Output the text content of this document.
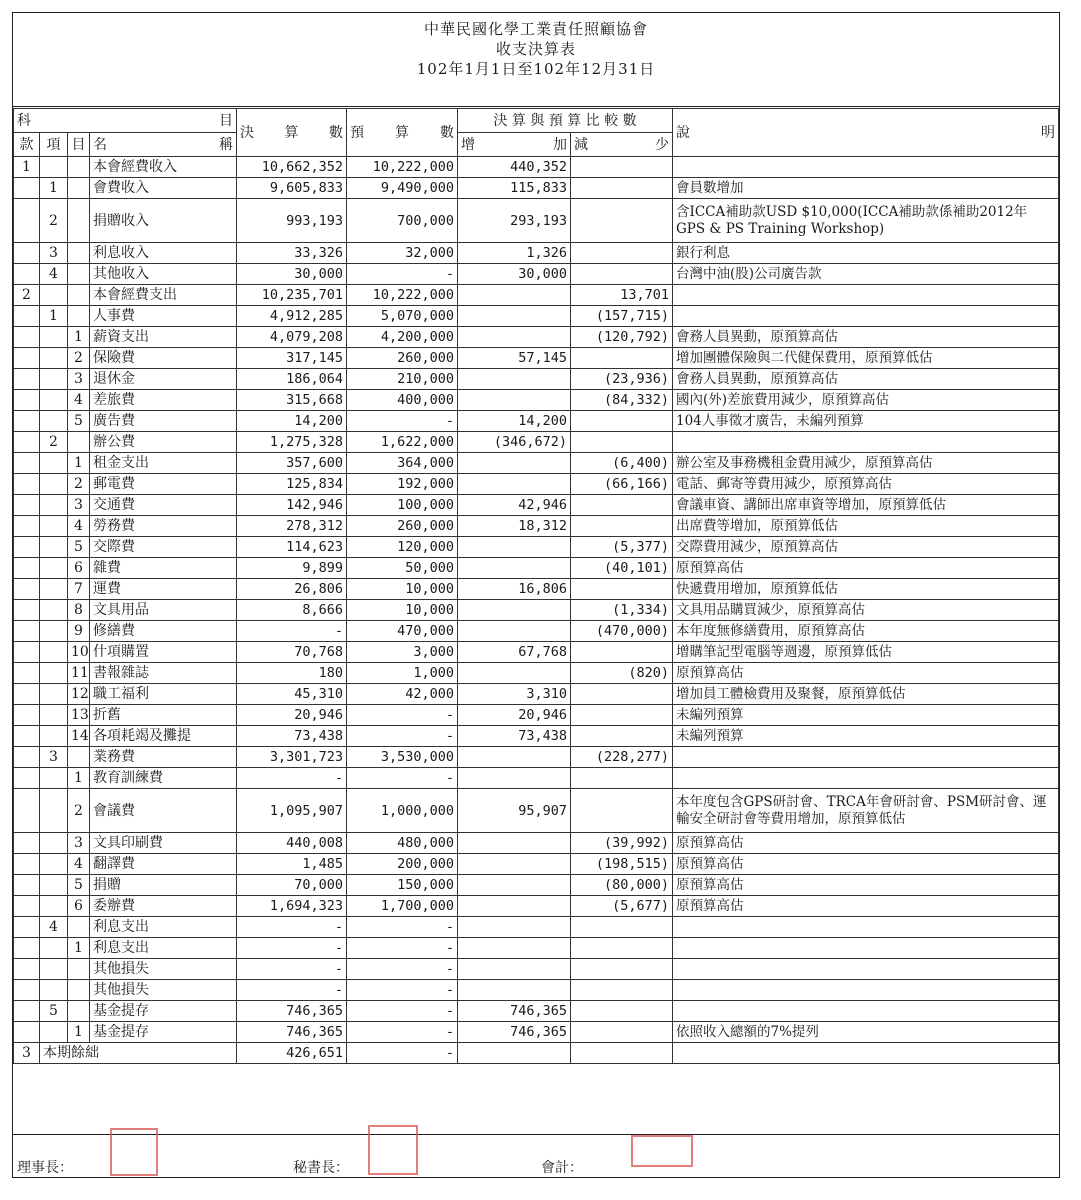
中華民國化學工業責任照顧協會
收支決算表
102年1月1日至102年12月31日
科 目				決 算 數	預 算 數	決 算 與 預 算 比 較 數		說 明

款	項	目	名 稱			增 加	減 少	

1			本會經費收入	10,662,352	10,222,000	440,352		
	1		會費收入	9,605,833	9,490,000	115,833		會員數增加
	2		捐贈收入	993,193	700,000	293,193		含ICCA補助款USD $10,000(ICCA補助款係補助2012年GPS & PS Training Workshop)
	3		利息收入	33,326	32,000	1,326		銀行利息
	4		其他收入	30,000	-	30,000		台灣中油(股)公司廣告款
2			本會經費支出	10,235,701	10,222,000		13,701	
	1		人事費	4,912,285	5,070,000		(157,715)	
		1	薪資支出	4,079,208	4,200,000		(120,792)	會務人員異動，原預算高估
		2	保險費	317,145	260,000	57,145		增加團體保險與二代健保費用，原預算低估
		3	退休金	186,064	210,000		(23,936)	會務人員異動，原預算高估
		4	差旅費	315,668	400,000		(84,332)	國內(外)差旅費用減少，原預算高估
		5	廣告費	14,200	-	14,200		104人事徵才廣告，未編列預算
	2		辦公費	1,275,328	1,622,000	(346,672)		
		1	租金支出	357,600	364,000		(6,400)	辦公室及事務機租金費用減少，原預算高估
		2	郵電費	125,834	192,000		(66,166)	電話、郵寄等費用減少，原預算高估
		3	交通費	142,946	100,000	42,946		會議車資、講師出席車資等增加，原預算低估
		4	勞務費	278,312	260,000	18,312		出席費等增加，原預算低估
		5	交際費	114,623	120,000		(5,377)	交際費用減少，原預算高估
		6	雜費	9,899	50,000		(40,101)	原預算高估
		7	運費	26,806	10,000	16,806		快遞費用增加，原預算低估
		8	文具用品	8,666	10,000		(1,334)	文具用品購買減少，原預算高估
		9	修繕費	-	470,000		(470,000)	本年度無修繕費用，原預算高估
		10	什項購置	70,768	3,000	67,768		增購筆記型電腦等週邊，原預算低估
		11	書報雜誌	180	1,000		(820)	原預算高估
		12	職工福利	45,310	42,000	3,310		增加員工體檢費用及聚餐，原預算低估
		13	折舊	20,946	-	20,946		未編列預算
		14	各項耗竭及攤提	73,438	-	73,438		未編列預算
	3		業務費	3,301,723	3,530,000		(228,277)	
		1	教育訓練費	-	-			
		2	會議費	1,095,907	1,000,000	95,907		本年度包含GPS研討會、TRCA年會研討會、PSM研討會、運輸安全研討會等費用增加，原預算低估
		3	文具印刷費	440,008	480,000		(39,992)	原預算高估
		4	翻譯費	1,485	200,000		(198,515)	原預算高估
		5	捐贈	70,000	150,000		(80,000)	原預算高估
		6	委辦費	1,694,323	1,700,000		(5,677)	原預算高估
	4		利息支出	-	-			
		1	利息支出	-	-			
			其他損失	-	-			
			其他損失	-	-			
	5		基金提存	746,365	-	746,365		
		1	基金提存	746,365	-	746,365		依照收入總額的7%提列
3	本期餘絀			426,651	-			
理事長：	秘書長：	會計：
